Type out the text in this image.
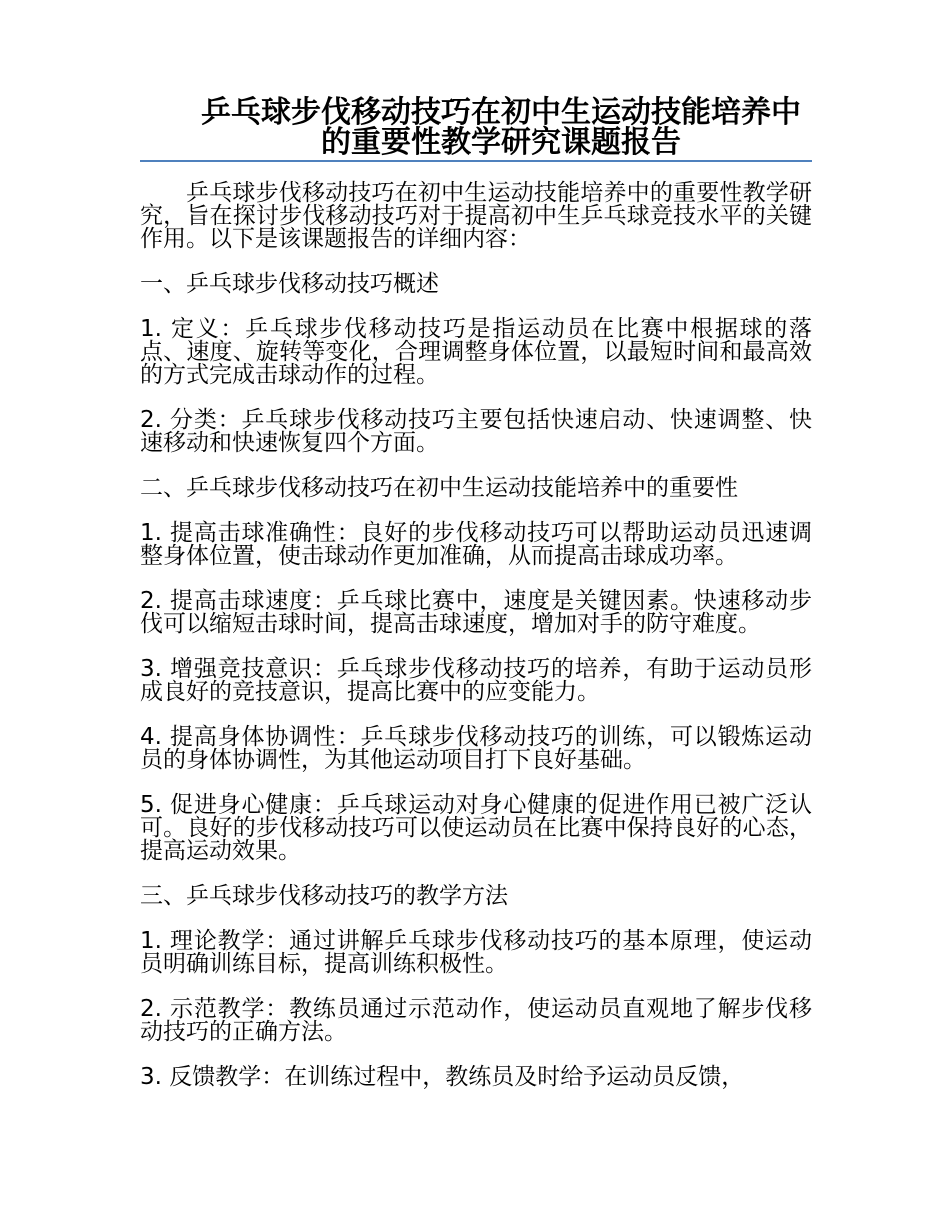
乒乓球步伐移动技巧在初中生运动技能培养中的重要性教学研究课题报告

乒乓球步伐移动技巧在初中生运动技能培养中的重要性教学研究，旨在探讨步伐移动技巧对于提高初中生乒乓球竞技水平的关键作用。以下是该课题报告的详细内容：

一、乒乓球步伐移动技巧概述

1. 定义：乒乓球步伐移动技巧是指运动员在比赛中根据球的落点、速度、旋转等变化，合理调整身体位置，以最短时间和最高效的方式完成击球动作的过程。

2. 分类：乒乓球步伐移动技巧主要包括快速启动、快速调整、快速移动和快速恢复四个方面。

二、乒乓球步伐移动技巧在初中生运动技能培养中的重要性

1. 提高击球准确性：良好的步伐移动技巧可以帮助运动员迅速调整身体位置，使击球动作更加准确，从而提高击球成功率。

2. 提高击球速度：乒乓球比赛中，速度是关键因素。快速移动步伐可以缩短击球时间，提高击球速度，增加对手的防守难度。

3. 增强竞技意识：乒乓球步伐移动技巧的培养，有助于运动员形成良好的竞技意识，提高比赛中的应变能力。

4. 提高身体协调性：乒乓球步伐移动技巧的训练，可以锻炼运动员的身体协调性，为其他运动项目打下良好基础。

5. 促进身心健康：乒乓球运动对身心健康的促进作用已被广泛认可。良好的步伐移动技巧可以使运动员在比赛中保持良好的心态，提高运动效果。

三、乒乓球步伐移动技巧的教学方法

1. 理论教学：通过讲解乒乓球步伐移动技巧的基本原理，使运动员明确训练目标，提高训练积极性。

2. 示范教学：教练员通过示范动作，使运动员直观地了解步伐移动技巧的正确方法。

3. 反馈教学：在训练过程中，教练员及时给予运动员反馈，
